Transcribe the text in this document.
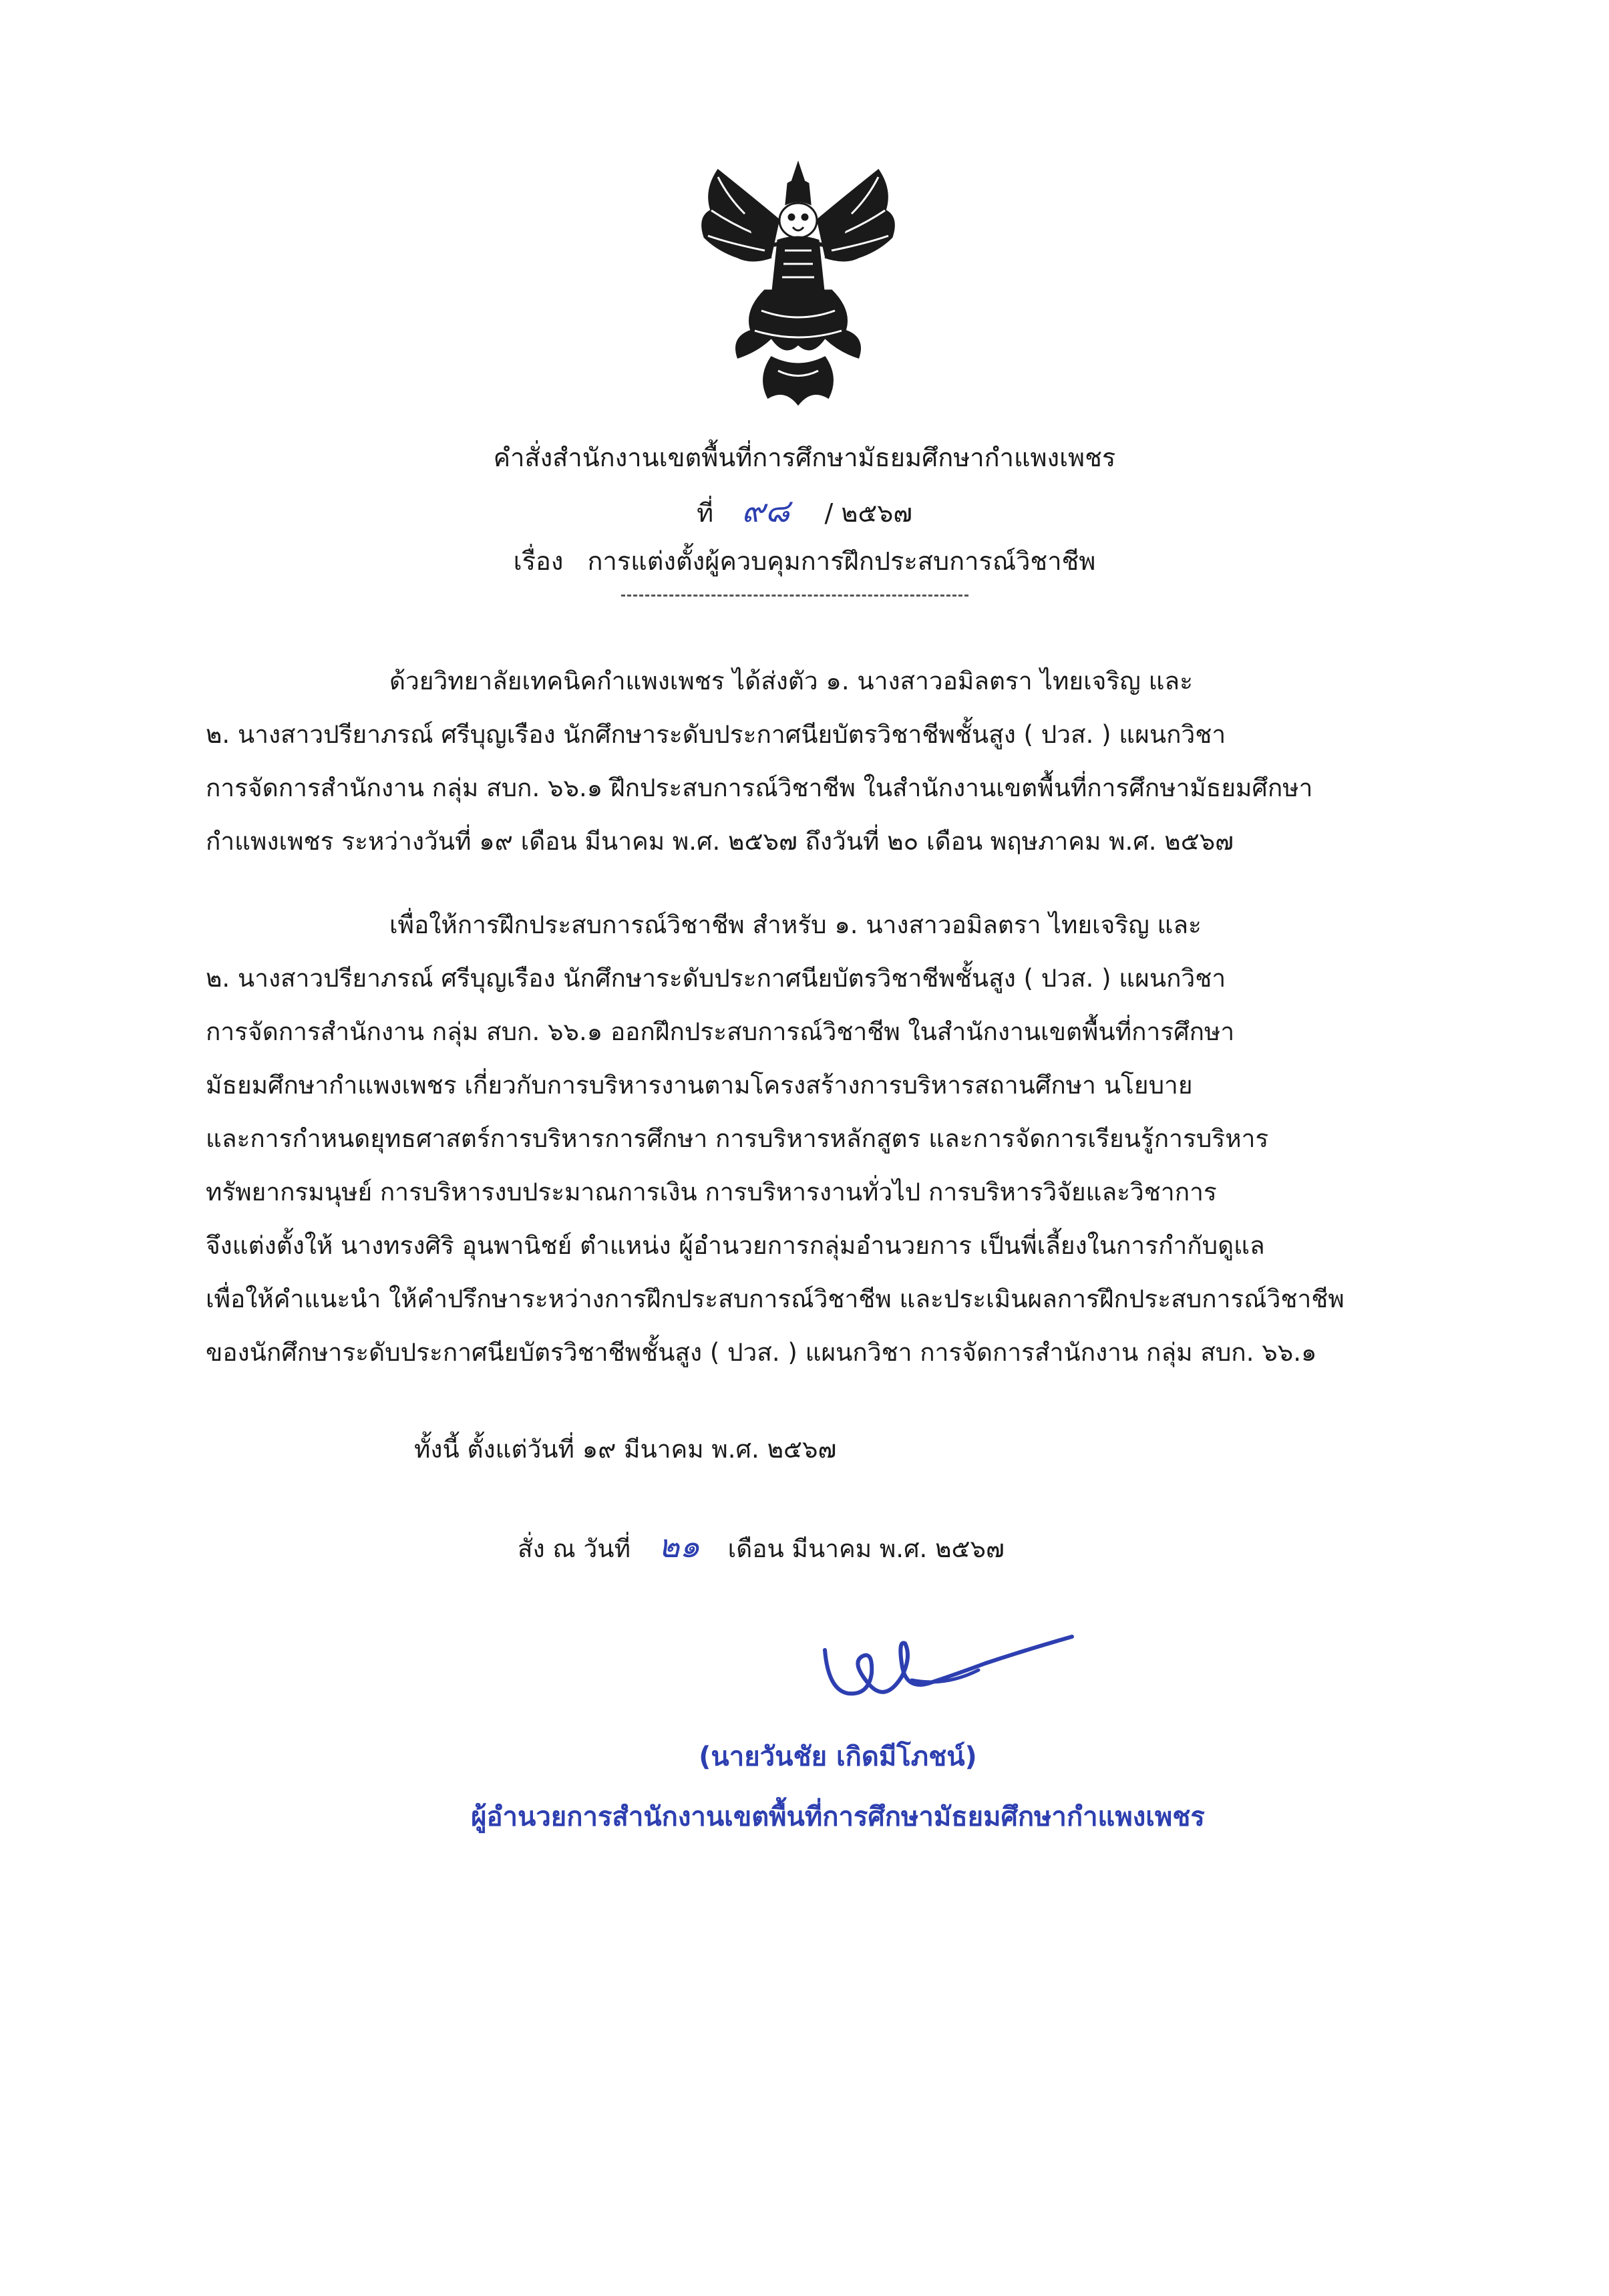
คำสั่งสำนักงานเขตพื้นที่การศึกษามัธยมศึกษากำแพงเพชร
ที่ ๙๘ / ๒๕๖๗
เรื่อง การแต่งตั้งผู้ควบคุมการฝึกประสบการณ์วิชาชีพ
ด้วยวิทยาลัยเทคนิคกำแพงเพชร ได้ส่งตัว ๑. นางสาวอมิลตรา ไทยเจริญ และ
๒. นางสาวปรียาภรณ์ ศรีบุญเรือง นักศึกษาระดับประกาศนียบัตรวิชาชีพชั้นสูง ( ปวส. ) แผนกวิชา
การจัดการสำนักงาน กลุ่ม สบก. ๖๖.๑ ฝึกประสบการณ์วิชาชีพ ในสำนักงานเขตพื้นที่การศึกษามัธยมศึกษา
กำแพงเพชร ระหว่างวันที่ ๑๙ เดือน มีนาคม พ.ศ. ๒๕๖๗ ถึงวันที่ ๒๐ เดือน พฤษภาคม พ.ศ. ๒๕๖๗
เพื่อให้การฝึกประสบการณ์วิชาชีพ สำหรับ ๑. นางสาวอมิลตรา ไทยเจริญ และ
๒. นางสาวปรียาภรณ์ ศรีบุญเรือง นักศึกษาระดับประกาศนียบัตรวิชาชีพชั้นสูง ( ปวส. ) แผนกวิชา
การจัดการสำนักงาน กลุ่ม สบก. ๖๖.๑ ออกฝึกประสบการณ์วิชาชีพ ในสำนักงานเขตพื้นที่การศึกษา
มัธยมศึกษากำแพงเพชร เกี่ยวกับการบริหารงานตามโครงสร้างการบริหารสถานศึกษา นโยบาย
และการกำหนดยุทธศาสตร์การบริหารการศึกษา การบริหารหลักสูตร และการจัดการเรียนรู้การบริหาร
ทรัพยากรมนุษย์ การบริหารงบประมาณการเงิน การบริหารงานทั่วไป การบริหารวิจัยและวิชาการ
จึงแต่งตั้งให้ นางทรงศิริ อุนพานิชย์ ตำแหน่ง ผู้อำนวยการกลุ่มอำนวยการ เป็นพี่เลี้ยงในการกำกับดูแล
เพื่อให้คำแนะนำ ให้คำปรึกษาระหว่างการฝึกประสบการณ์วิชาชีพ และประเมินผลการฝึกประสบการณ์วิชาชีพ
ของนักศึกษาระดับประกาศนียบัตรวิชาชีพชั้นสูง ( ปวส. ) แผนกวิชา การจัดการสำนักงาน กลุ่ม สบก. ๖๖.๑
ทั้งนี้ ตั้งแต่วันที่ ๑๙ มีนาคม พ.ศ. ๒๕๖๗
สั่ง ณ วันที่ ๒๑ เดือน มีนาคม พ.ศ. ๒๕๖๗
(นายวันชัย เกิดมีโภชน์)
ผู้อำนวยการสำนักงานเขตพื้นที่การศึกษามัธยมศึกษากำแพงเพชร
